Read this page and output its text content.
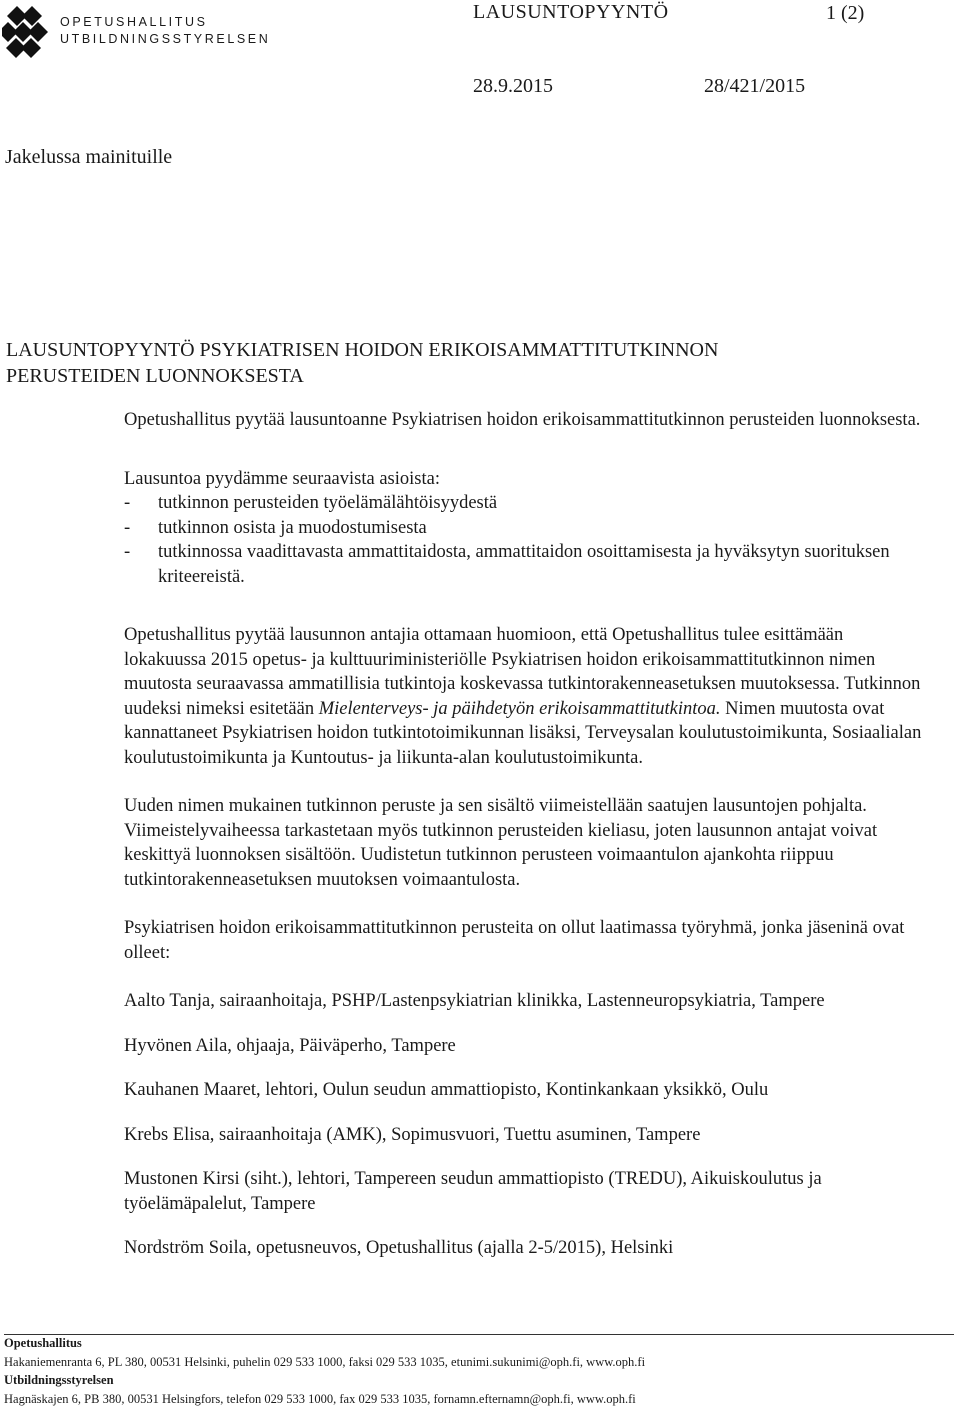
OPETUSHALLITUS
UTBILDNINGSSTYRELSEN
LAUSUNTOPYYNTÖ	1 (2)
28.9.2015	28/421/2015
Jakelussa mainituille
LAUSUNTOPYYNTÖ PSYKIATRISEN HOIDON ERIKOISAMMATTITUTKINNON
PERUSTEIDEN LUONNOKSESTA

Opetushallitus pyytää lausuntoanne Psykiatrisen hoidon erikoisammattitutkinnon perusteiden luonnoksesta.

Lausuntoa pyydämme seuraavista asioista:

- tutkinnon perusteiden työelämälähtöisyydestä
- tutkinnon osista ja muodostumisesta
- tutkinnossa vaadittavasta ammattitaidosta, ammattitaidon osoittamisesta ja hyväksytyn suorituksen kriteereistä.

Opetushallitus pyytää lausunnon antajia ottamaan huomioon, että Opetushallitus tulee esittämään lokakuussa 2015 opetus- ja kulttuuriministeriölle Psykiatrisen hoidon erikoisammattitutkinnon nimen muutosta seuraavassa ammatillisia tutkintoja koskevassa tutkintorakenneasetuksen muutoksessa. Tutkinnon uudeksi nimeksi esitetään Mielenterveys- ja päihdetyön erikoisammattitutkintoa. Nimen muutosta ovat kannattaneet Psykiatrisen hoidon tutkintotoimikunnan lisäksi, Terveysalan koulutustoimikunta, Sosiaalialan koulutustoimikunta ja Kuntoutus- ja liikunta-alan koulutustoimikunta.

Uuden nimen mukainen tutkinnon peruste ja sen sisältö viimeistellään saatujen lausuntojen pohjalta. Viimeistelyvaiheessa tarkastetaan myös tutkinnon perusteiden kieliasu, joten lausunnon antajat voivat keskittyä luonnoksen sisältöön. Uudistetun tutkinnon perusteen voimaantulon ajankohta riippuu tutkintorakenneasetuksen muutoksen voimaantulosta.

Psykiatrisen hoidon erikoisammattitutkinnon perusteita on ollut laatimassa työryhmä, jonka jäseninä ovat olleet:

Aalto Tanja, sairaanhoitaja, PSHP/Lastenpsykiatrian klinikka, Lastenneuropsykiatria, Tampere

Hyvönen Aila, ohjaaja, Päiväperho, Tampere

Kauhanen Maaret, lehtori, Oulun seudun ammattiopisto, Kontinkankaan yksikkö, Oulu

Krebs Elisa, sairaanhoitaja (AMK), Sopimusvuori, Tuettu asuminen, Tampere

Mustonen Kirsi (siht.), lehtori, Tampereen seudun ammattiopisto (TREDU), Aikuiskoulutus ja työelämäpalelut, Tampere

Nordström Soila, opetusneuvos, Opetushallitus (ajalla 2-5/2015), Helsinki

Opetushallitus
Hakaniemenranta 6, PL 380, 00531 Helsinki, puhelin 029 533 1000, faksi 029 533 1035, etunimi.sukunimi@oph.fi, www.oph.fi
Utbildningsstyrelsen
Hagnäskajen 6, PB 380, 00531 Helsingfors, telefon 029 533 1000, fax 029 533 1035, fornamn.efternamn@oph.fi, www.oph.fi
